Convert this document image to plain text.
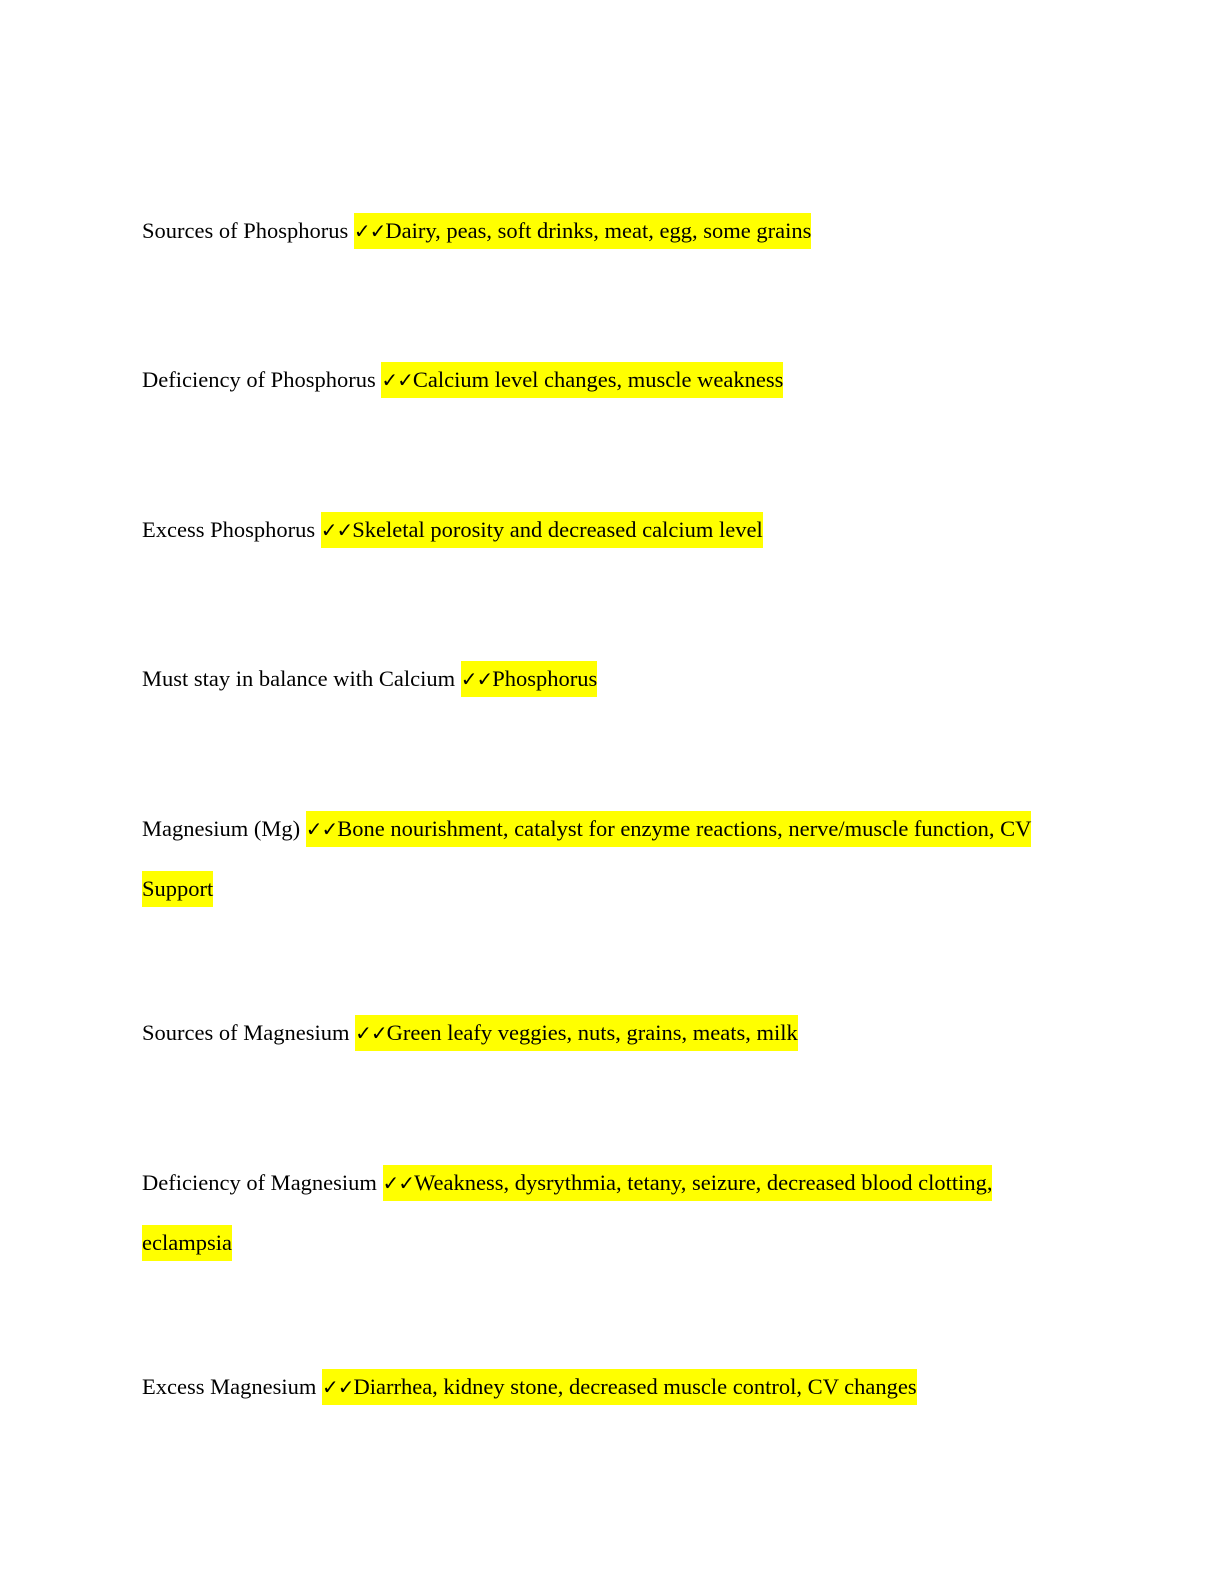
Sources of Phosphorus ✓✓Dairy, peas, soft drinks, meat, egg, some grains

Deficiency of Phosphorus ✓✓Calcium level changes, muscle weakness

Excess Phosphorus ✓✓Skeletal porosity and decreased calcium level

Must stay in balance with Calcium ✓✓Phosphorus

Magnesium (Mg) ✓✓Bone nourishment, catalyst for enzyme reactions, nerve/muscle function, CV Support

Sources of Magnesium ✓✓Green leafy veggies, nuts, grains, meats, milk

Deficiency of Magnesium ✓✓Weakness, dysrythmia, tetany, seizure, decreased blood clotting, eclampsia

Excess Magnesium ✓✓Diarrhea, kidney stone, decreased muscle control, CV changes
